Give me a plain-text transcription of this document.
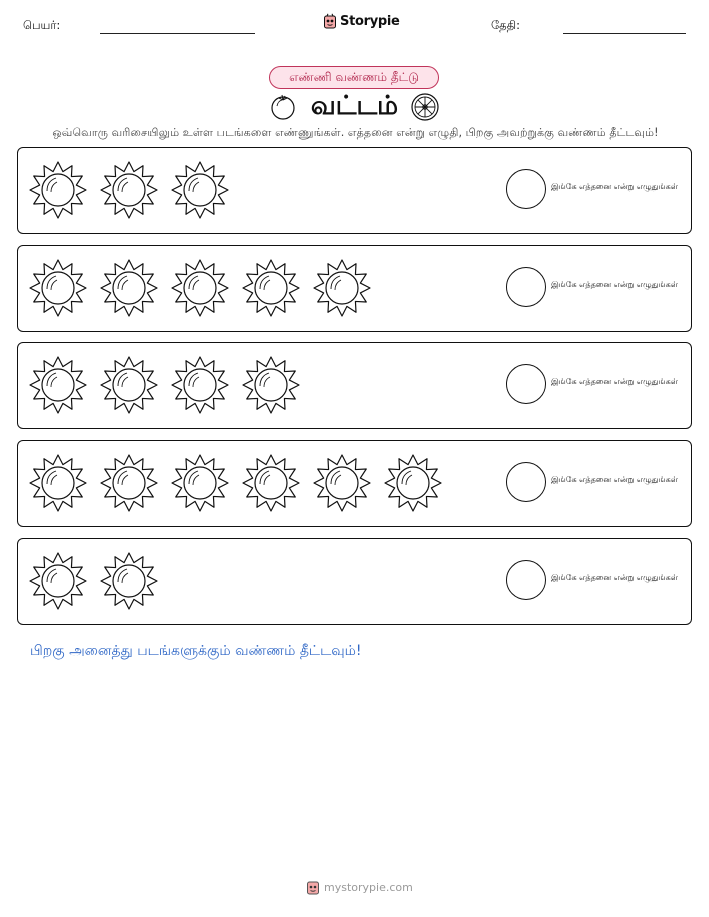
பெயர்:	Storypie	தேதி:
எண்ணி வண்ணம் தீட்டு
வட்டம்
ஒவ்வொரு வரிசையிலும் உள்ள படங்களை எண்ணுங்கள். எத்தனை என்று எழுதி, பிறகு அவற்றுக்கு வண்ணம் தீட்டவும்!
இங்கே எத்தனை என்று எழுதுங்கள்
இங்கே எத்தனை என்று எழுதுங்கள்
இங்கே எத்தனை என்று எழுதுங்கள்
இங்கே எத்தனை என்று எழுதுங்கள்
இங்கே எத்தனை என்று எழுதுங்கள்
பிறகு அனைத்து படங்களுக்கும் வண்ணம் தீட்டவும்!
mystorypie.com
